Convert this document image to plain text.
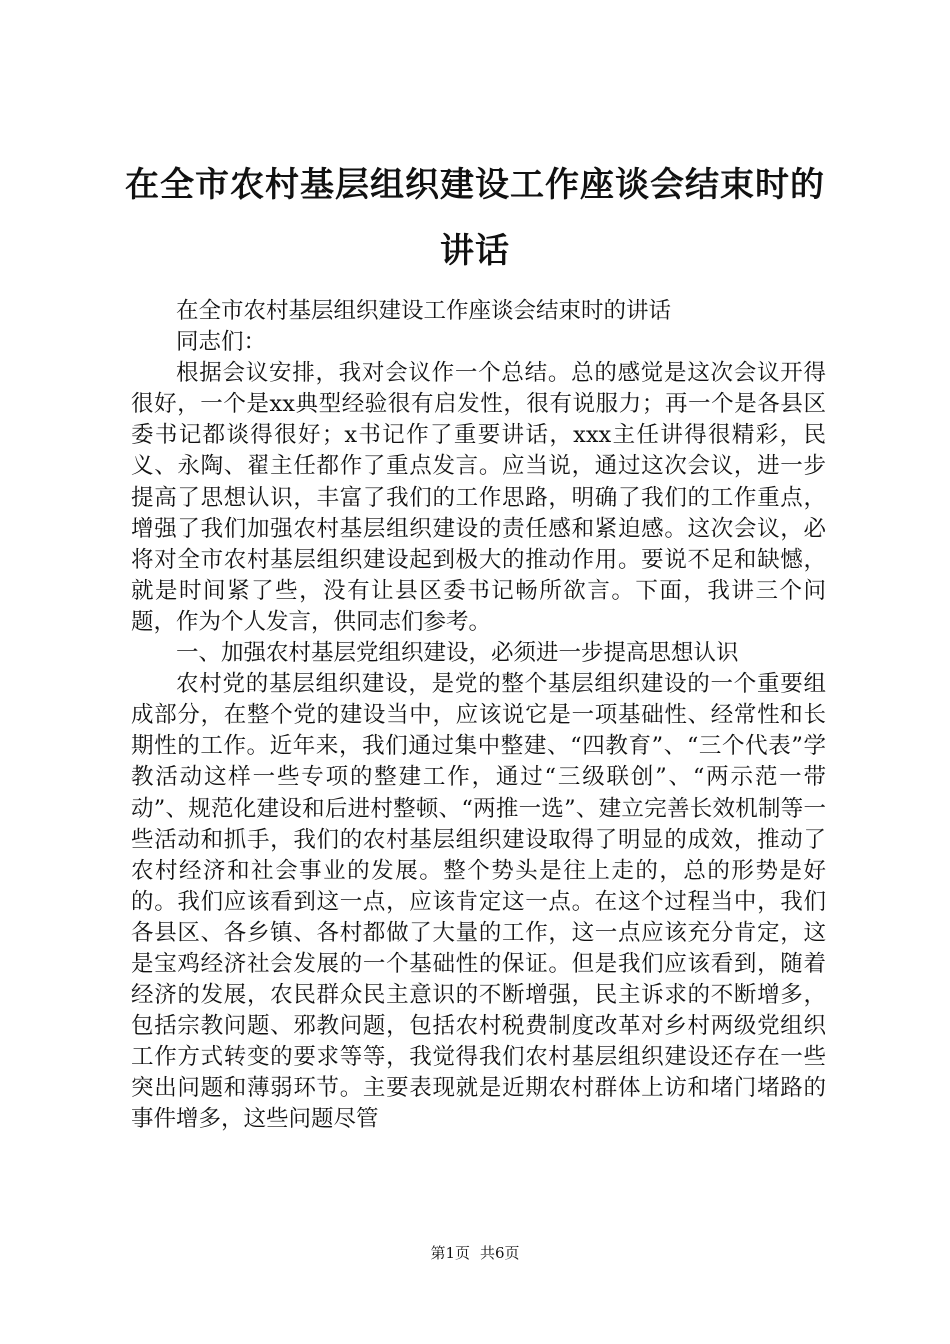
在全市农村基层组织建设工作座谈会结束时的讲话

在全市农村基层组织建设工作座谈会结束时的讲话

同志们：

根据会议安排，我对会议作一个总结。总的感觉是这次会议开得很好，一个是xx典型经验很有启发性，很有说服力；再一个是各县区委书记都谈得很好；x书记作了重要讲话，xxx主任讲得很精彩，民义、永陶、翟主任都作了重点发言。应当说，通过这次会议，进一步提高了思想认识，丰富了我们的工作思路，明确了我们的工作重点，增强了我们加强农村基层组织建设的责任感和紧迫感。这次会议，必将对全市农村基层组织建设起到极大的推动作用。要说不足和缺憾，就是时间紧了些，没有让县区委书记畅所欲言。下面，我讲三个问题，作为个人发言，供同志们参考。

一、加强农村基层党组织建设，必须进一步提高思想认识

农村党的基层组织建设，是党的整个基层组织建设的一个重要组成部分，在整个党的建设当中，应该说它是一项基础性、经常性和长期性的工作。近年来，我们通过集中整建、“四教育”、“三个代表”学教活动这样一些专项的整建工作，通过“三级联创”、“两示范一带动”、规范化建设和后进村整顿、“两推一选”、建立完善长效机制等一些活动和抓手，我们的农村基层组织建设取得了明显的成效，推动了农村经济和社会事业的发展。整个势头是往上走的，总的形势是好的。我们应该看到这一点，应该肯定这一点。在这个过程当中，我们各县区、各乡镇、各村都做了大量的工作，这一点应该充分肯定，这是宝鸡经济社会发展的一个基础性的保证。但是我们应该看到，随着经济的发展，农民群众民主意识的不断增强，民主诉求的不断增多，包括宗教问题、邪教问题，包括农村税费制度改革对乡村两级党组织工作方式转变的要求等等，我觉得我们农村基层组织建设还存在一些突出问题和薄弱环节。主要表现就是近期农村群体上访和堵门堵路的事件增多，这些问题尽管

第1页 共6页
